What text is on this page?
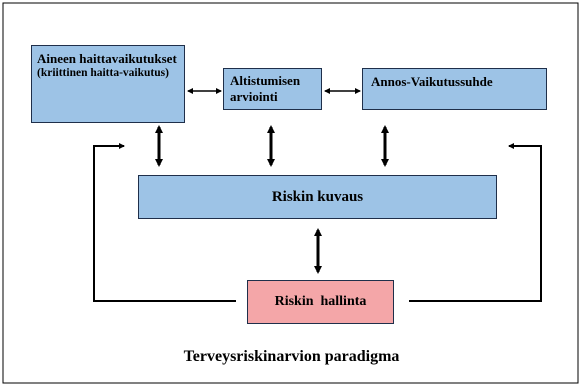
Aineen haittavaikutukset
(kriittinen haitta-vaikutus)	Altistumisen arviointi
Annos-Vaikutussuhde
Riskin kuvaus
Riskin  hallinta
Terveysriskinarvion paradigma
